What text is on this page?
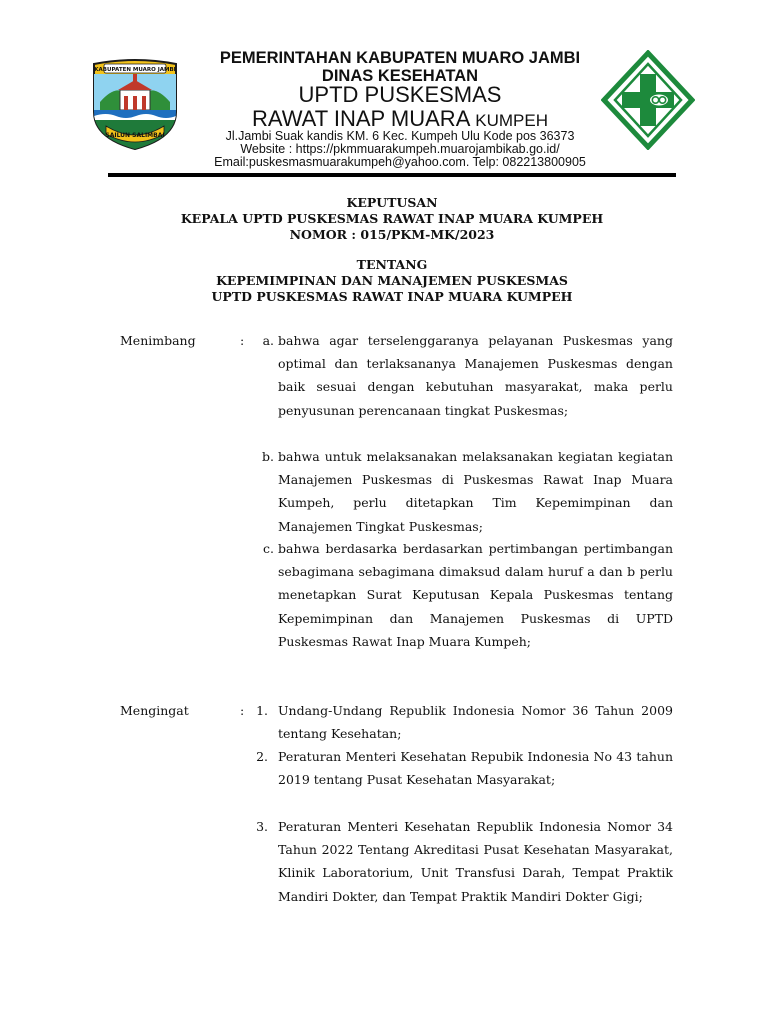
KABUPATEN MUARO JAMBI
SAILUN SALIMBAI
PEMERINTAHAN KABUPATEN MUARO JAMBI
DINAS KESEHATAN
UPTD PUSKESMAS
RAWAT INAP MUARA KUMPEH
Jl.Jambi Suak kandis KM. 6 Kec. Kumpeh Ulu Kode pos 36373
Website : https://pkmmuarakumpeh.muarojambikab.go.id/
Email:puskesmasmuarakumpeh@yahoo.com. Telp: 082213800905
KEPUTUSAN
KEPALA UPTD PUSKESMAS RAWAT INAP MUARA KUMPEH
NOMOR : 015/PKM-MK/2023
TENTANG
KEPEMIMPINAN DAN MANAJEMEN PUSKESMAS
UPTD PUSKESMAS RAWAT INAP MUARA KUMPEH
Menimbang	:	a. bahwa agar terselenggaranya pelayanan Puskesmas yang optimal dan terlaksananya Manajemen Puskesmas dengan baik sesuai dengan kebutuhan masyarakat, maka perlu penyusunan perencanaan tingkat Puskesmas;
b. bahwa untuk melaksanakan melaksanakan kegiatan kegiatan Manajemen Puskesmas di Puskesmas Rawat Inap Muara Kumpeh, perlu ditetapkan Tim Kepemimpinan dan Manajemen Tingkat Puskesmas;
c. bahwa berdasarka berdasarkan pertimbangan pertimbangan sebagimana sebagimana dimaksud dalam huruf a dan b perlu menetapkan Surat Keputusan Kepala Puskesmas tentang Kepemimpinan dan Manajemen Puskesmas di UPTD Puskesmas Rawat Inap Muara Kumpeh;
Mengingat	: 1. Undang-Undang Republik Indonesia Nomor 36 Tahun 2009 tentang Kesehatan;
2. Peraturan Menteri Kesehatan Repubik Indonesia No 43 tahun 2019 tentang Pusat Kesehatan Masyarakat;
3. Peraturan Menteri Kesehatan Republik Indonesia Nomor 34 Tahun 2022 Tentang Akreditasi Pusat Kesehatan Masyarakat, Klinik Laboratorium, Unit Transfusi Darah, Tempat Praktik Mandiri Dokter, dan Tempat Praktik Mandiri Dokter Gigi;
